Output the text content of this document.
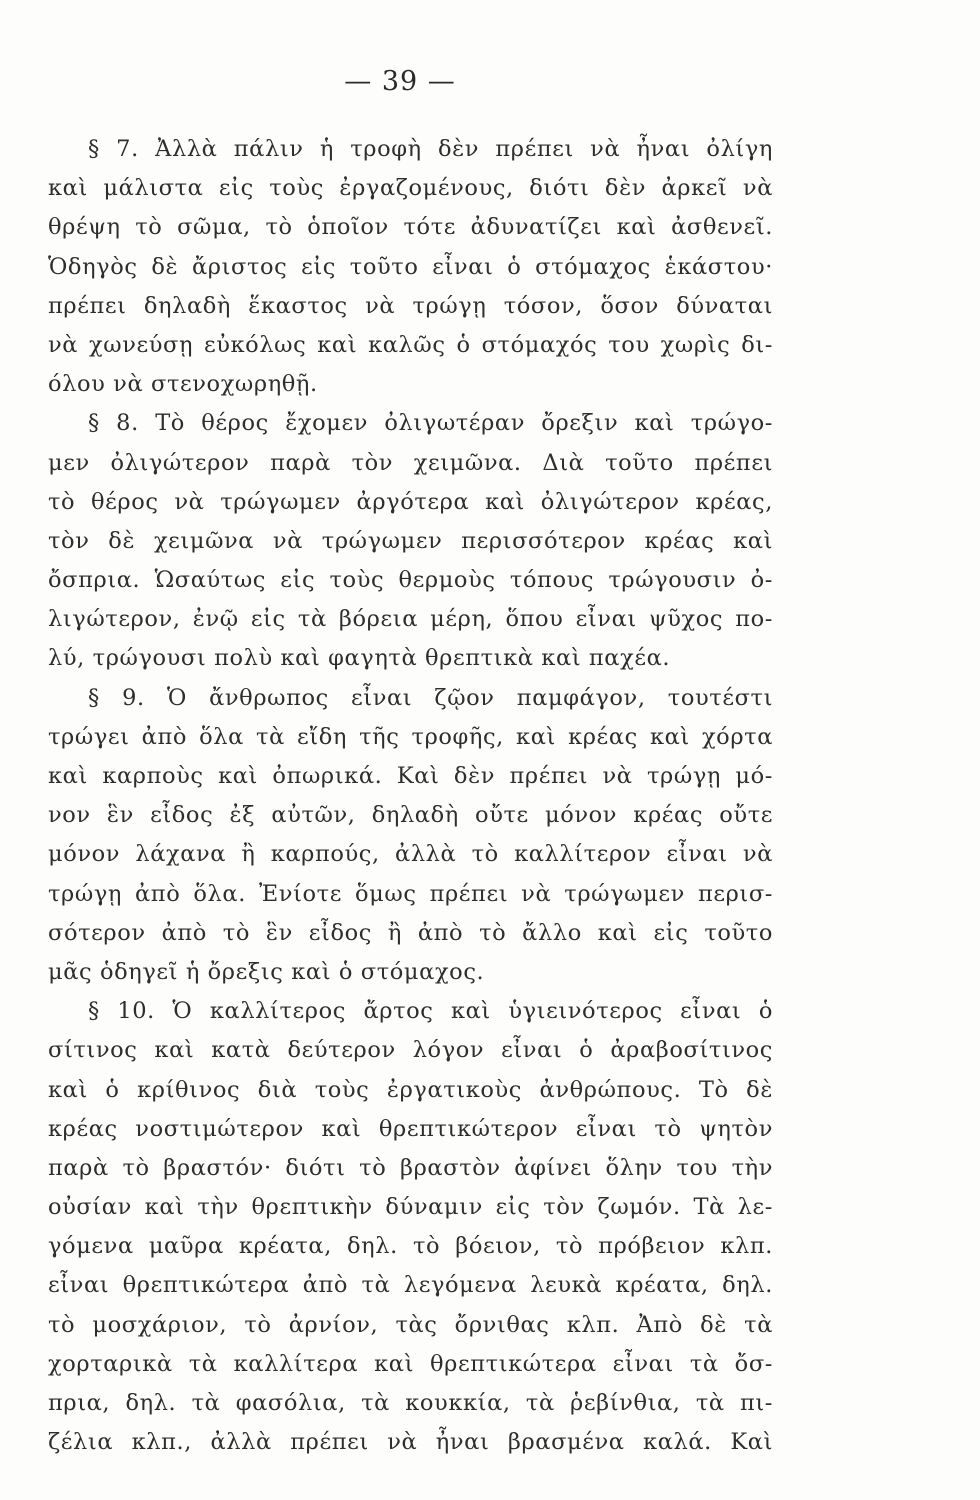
— 39 —
§ 7. Ἀλλὰ πάλιν ἡ τροφὴ δὲν πρέπει νὰ ἦναι ὀλίγη
καὶ μάλιστα εἰς τοὺς ἐργαζομένους, διότι δὲν ἀρκεῖ νὰ
θρέψη τὸ σῶμα, τὸ ὁποῖον τότε ἀδυνατίζει καὶ ἀσθενεῖ.
Ὁδηγὸς δὲ ἄριστος εἰς τοῦτο εἶναι ὁ στόμαχος ἑκάστου·
πρέπει δηλαδὴ ἕκαστος νὰ τρώγῃ τόσον, ὅσον δύναται
νὰ χωνεύσῃ εὐκόλως καὶ καλῶς ὁ στόμαχός του χωρὶς δι-
όλου νὰ στενοχωρηθῇ.
§ 8. Τὸ θέρος ἔχομεν ὀλιγωτέραν ὄρεξιν καὶ τρώγο-
μεν ὀλιγώτερον παρὰ τὸν χειμῶνα. Διὰ τοῦτο πρέπει
τὸ θέρος νὰ τρώγωμεν ἀργότερα καὶ ὀλιγώτερον κρέας,
τὸν δὲ χειμῶνα νὰ τρώγωμεν περισσότερον κρέας καὶ
ὄσπρια. Ὡσαύτως εἰς τοὺς θερμοὺς τόπους τρώγουσιν ὀ-
λιγώτερον, ἐνῷ εἰς τὰ βόρεια μέρη, ὅπου εἶναι ψῦχος πο-
λύ, τρώγουσι πολὺ καὶ φαγητὰ θρεπτικὰ καὶ παχέα.
§ 9. Ὁ ἄνθρωπος εἶναι ζῷον παμφάγον, τουτέστι
τρώγει ἀπὸ ὅλα τὰ εἴδη τῆς τροφῆς, καὶ κρέας καὶ χόρτα
καὶ καρποὺς καὶ ὀπωρικά. Καὶ δὲν πρέπει νὰ τρώγῃ μό-
νον ἓν εἶδος ἐξ αὐτῶν, δηλαδὴ οὔτε μόνον κρέας οὔτε
μόνον λάχανα ἢ καρπούς, ἀλλὰ τὸ καλλίτερον εἶναι νὰ
τρώγῃ ἀπὸ ὅλα. Ἐνίοτε ὅμως πρέπει νὰ τρώγωμεν περισ-
σότερον ἀπὸ τὸ ἓν εἶδος ἢ ἀπὸ τὸ ἄλλο καὶ εἰς τοῦτο
μᾶς ὁδηγεῖ ἡ ὄρεξις καὶ ὁ στόμαχος.
§ 10. Ὁ καλλίτερος ἄρτος καὶ ὑγιεινότερος εἶναι ὁ
σίτινος καὶ κατὰ δεύτερον λόγον εἶναι ὁ ἀραβοσίτινος
καὶ ὁ κρίθινος διὰ τοὺς ἐργατικοὺς ἀνθρώπους. Τὸ δὲ
κρέας νοστιμώτερον καὶ θρεπτικώτερον εἶναι τὸ ψητὸν
παρὰ τὸ βραστόν· διότι τὸ βραστὸν ἀφίνει ὅλην του τὴν
οὐσίαν καὶ τὴν θρεπτικὴν δύναμιν εἰς τὸν ζωμόν. Τὰ λε-
γόμενα μαῦρα κρέατα, δηλ. τὸ βόειον, τὸ πρόβειον κλπ.
εἶναι θρεπτικώτερα ἀπὸ τὰ λεγόμενα λευκὰ κρέατα, δηλ.
τὸ μοσχάριον, τὸ ἀρνίον, τὰς ὄρνιθας κλπ. Ἀπὸ δὲ τὰ
χορταρικὰ τὰ καλλίτερα καὶ θρεπτικώτερα εἶναι τὰ ὄσ-
πρια, δηλ. τὰ φασόλια, τὰ κουκκία, τὰ ῥεβίνθια, τὰ πι-
ζέλια κλπ., ἀλλὰ πρέπει νὰ ἦναι βρασμένα καλά. Καὶ
